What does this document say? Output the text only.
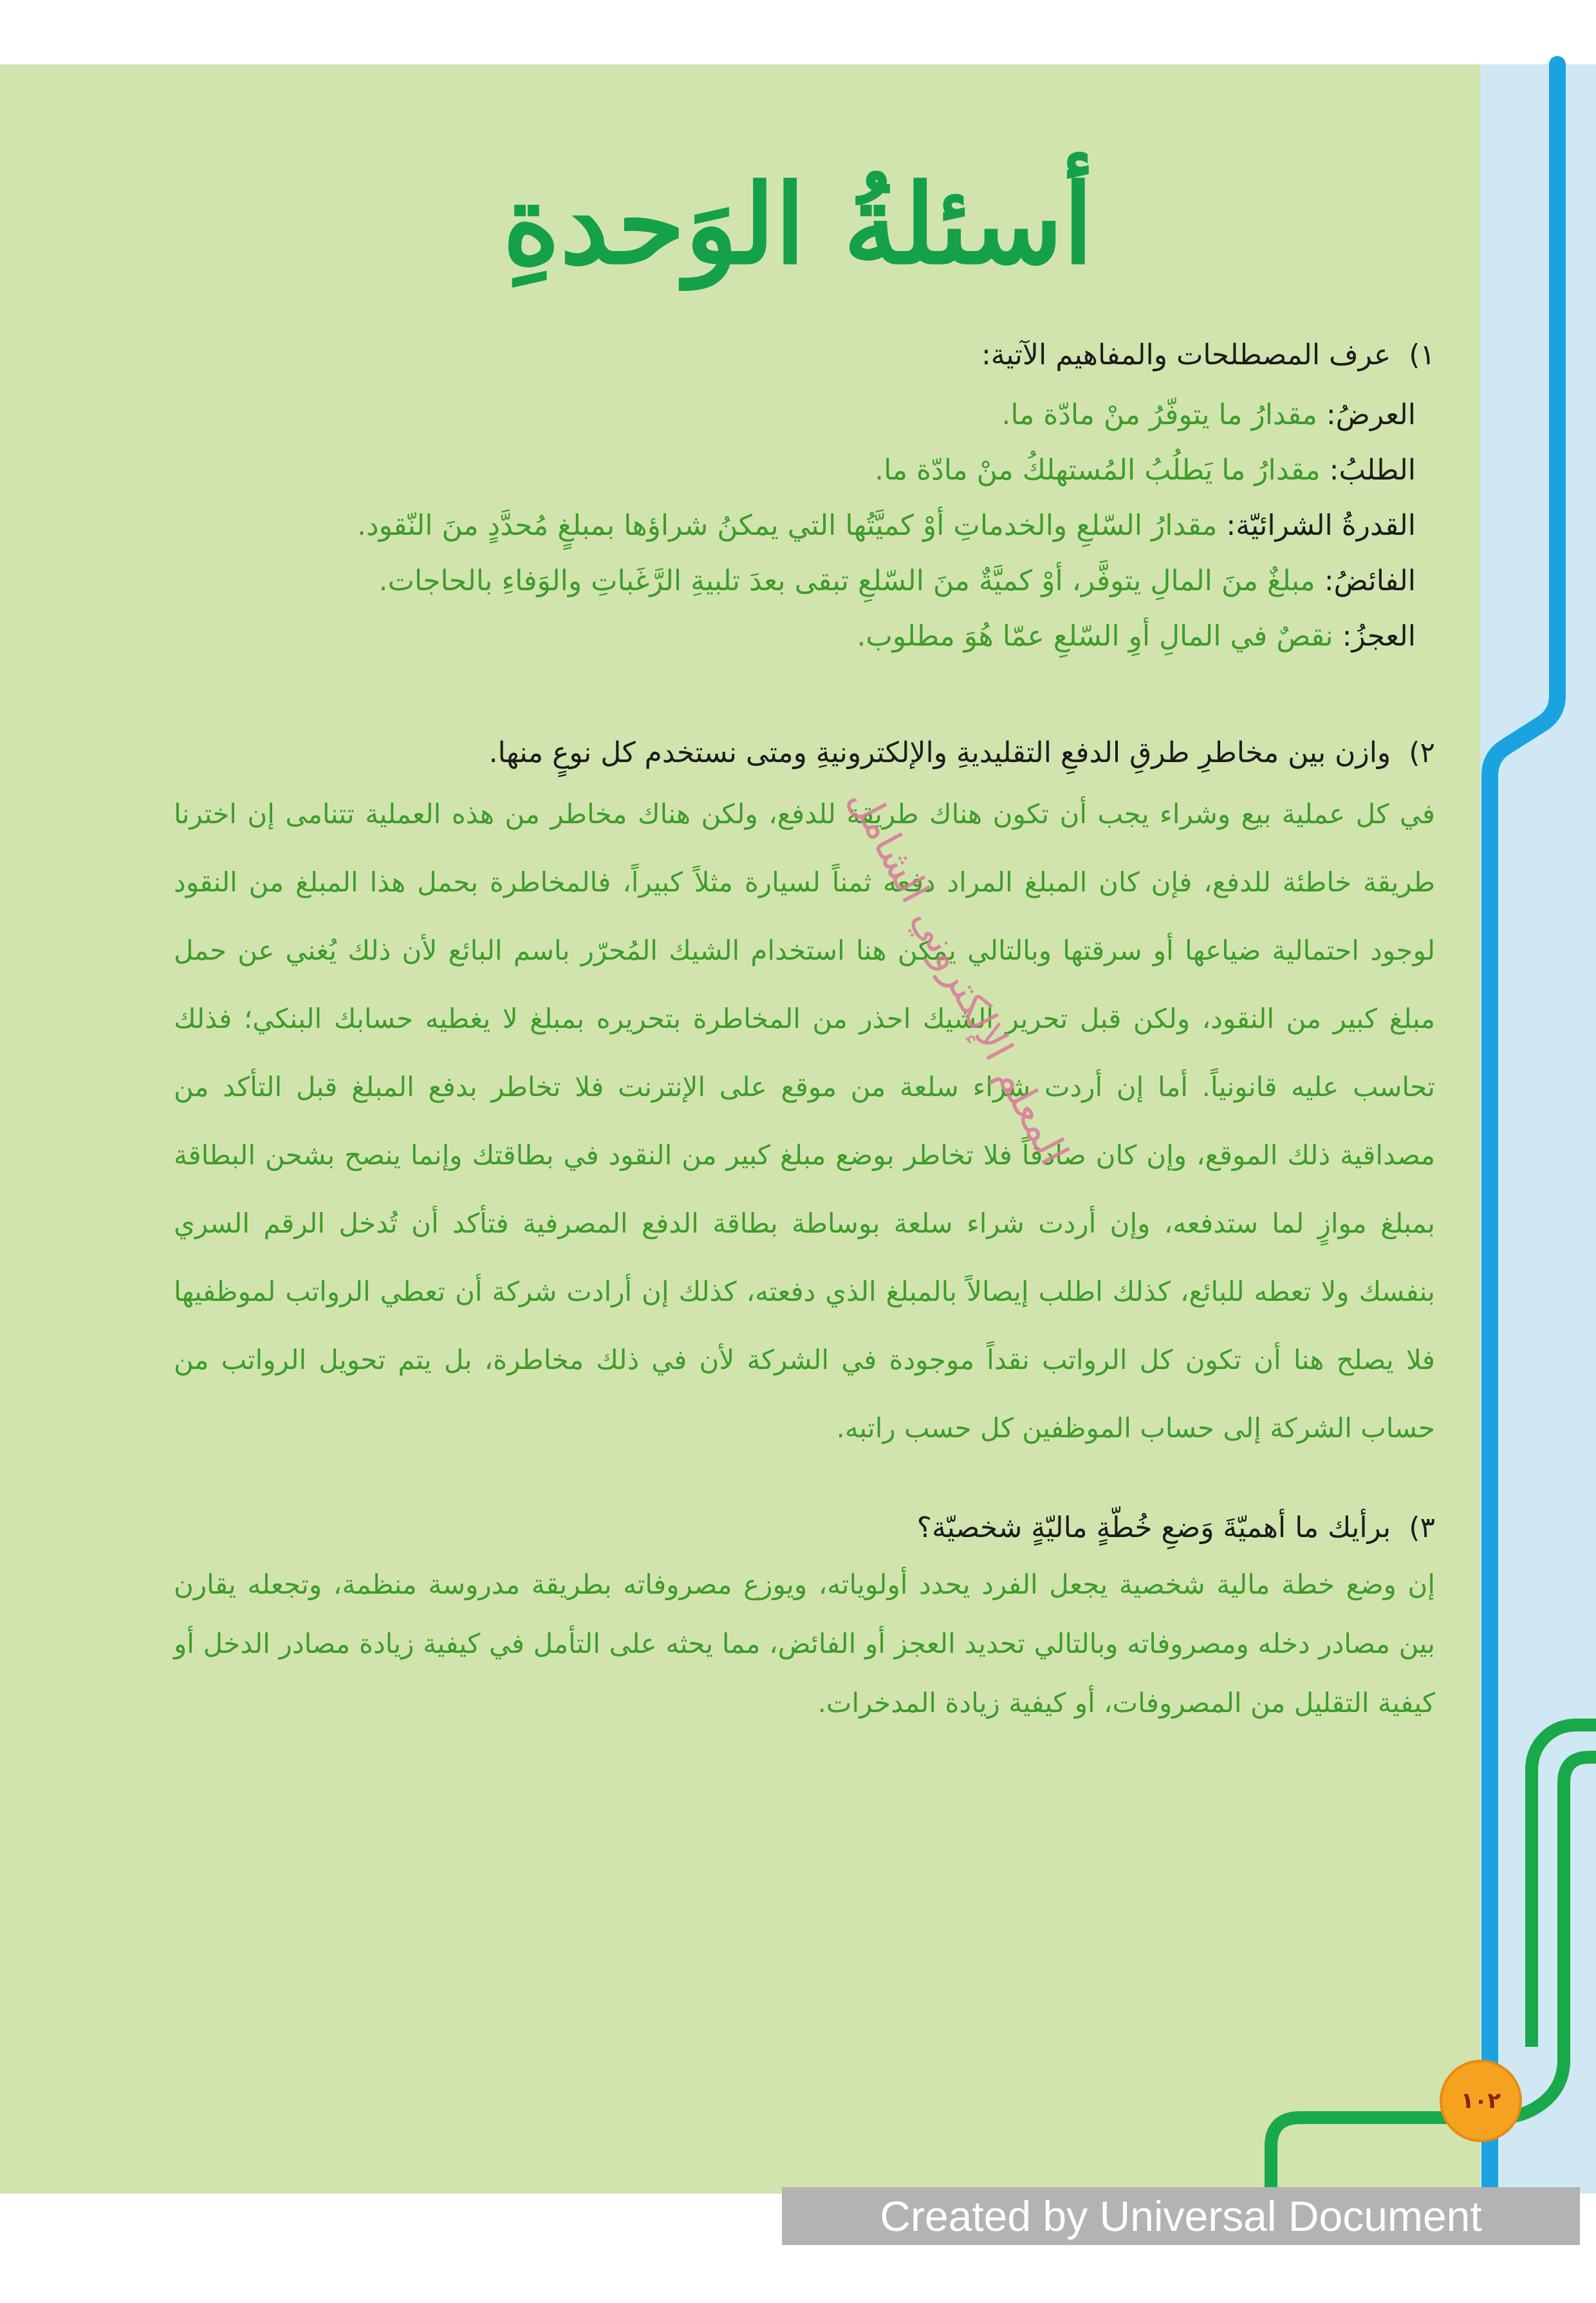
أسئلةُ الوَحدةِ

١)عرف المصطلحات والمفاهيم الآتية:

العرضُ: مقدارُ ما يتوفّرُ منْ مادّة ما.
الطلبُ: مقدارُ ما يَطلُبُ المُستهلكُ منْ مادّة ما.
القدرةُ الشرائيّة: مقدارُ السّلعِ والخدماتِ أوْ كميَّتُها التي يمكنُ شراؤها بمبلغٍ مُحدَّدٍ منَ النّقود.
الفائضُ: مبلغٌ منَ المالِ يتوفَّر، أوْ كميَّةٌ منَ السّلعِ تبقى بعدَ تلبيةِ الرَّغَباتِ والوَفاءِ بالحاجات.
العجزُ: نقصٌ في المالِ أوِ السّلعِ عمّا هُوَ مطلوب.

٢)وازن بين مخاطرِ طرقِ الدفعِ التقليديةِ والإلكترونيةِ ومتى نستخدم كل نوعٍ منها.

في كل عملية بيع وشراء يجب أن تكون هناك طريقة للدفع، ولكن هناك مخاطر من هذه العملية تتنامى إن اخترنا طريقة خاطئة للدفع، فإن كان المبلغ المراد دفعه ثمناً لسيارة مثلاً كبيراً، فالمخاطرة بحمل هذا المبلغ من النقود لوجود احتمالية ضياعها أو سرقتها وبالتالي يمكن هنا استخدام الشيك المُحرّر باسم البائع لأن ذلك يُغني عن حمل مبلغ كبير من النقود، ولكن قبل تحرير الشيك احذر من المخاطرة بتحريره بمبلغ لا يغطيه حسابك البنكي؛ فذلك تحاسب عليه قانونياً. أما إن أردت شراء سلعة من موقع على الإنترنت فلا تخاطر بدفع المبلغ قبل التأكد من مصداقية ذلك الموقع، وإن كان صادقاً فلا تخاطر بوضع مبلغ كبير من النقود في بطاقتك وإنما ينصح بشحن البطاقة بمبلغ موازٍ لما ستدفعه، وإن أردت شراء سلعة بوساطة بطاقة الدفع المصرفية فتأكد أن تُدخل الرقم السري بنفسك ولا تعطه للبائع، كذلك اطلب إيصالاً بالمبلغ الذي دفعته، كذلك إن أرادت شركة أن تعطي الرواتب لموظفيها فلا يصلح هنا أن تكون كل الرواتب نقداً موجودة في الشركة لأن في ذلك مخاطرة، بل يتم تحويل الرواتب من حساب الشركة إلى حساب الموظفين كل حسب راتبه.

٣)برأيك ما أهميّةَ وَضعِ خُطّةٍ ماليّةٍ شخصيّة؟

إن وضع خطة مالية شخصية يجعل الفرد يحدد أولوياته، ويوزع مصروفاته بطريقة مدروسة منظمة، وتجعله يقارن بين مصادر دخله ومصروفاته وبالتالي تحديد العجز أو الفائض، مما يحثه على التأمل في كيفية زيادة مصادر الدخل أو كيفية التقليل من المصروفات، أو كيفية زيادة المدخرات.

المعلم الإلكتروني الشامل
١٠٢
Created by Universal Document Converter
